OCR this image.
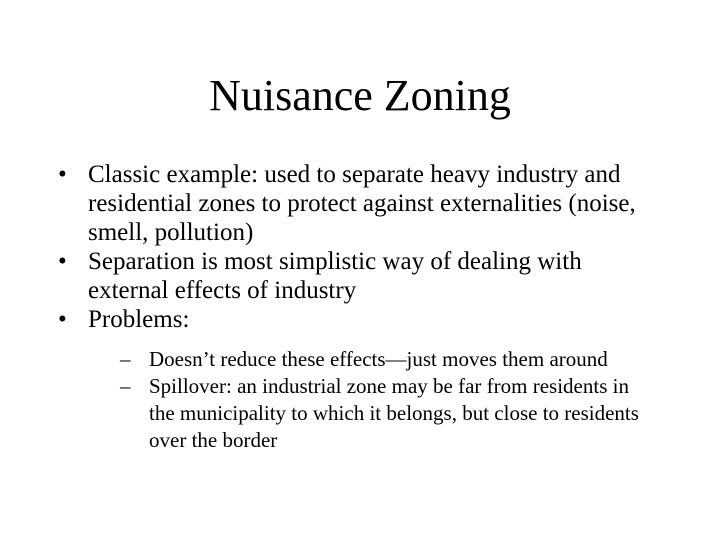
Nuisance Zoning
• Classic example: used to separate heavy industry and residential zones to protect against externalities (noise, smell, pollution)
• Separation is most simplistic way of dealing with external effects of industry
• Problems:
– Doesn’t reduce these effects—just moves them around
– Spillover: an industrial zone may be far from residents in the municipality to which it belongs, but close to residents over the border
